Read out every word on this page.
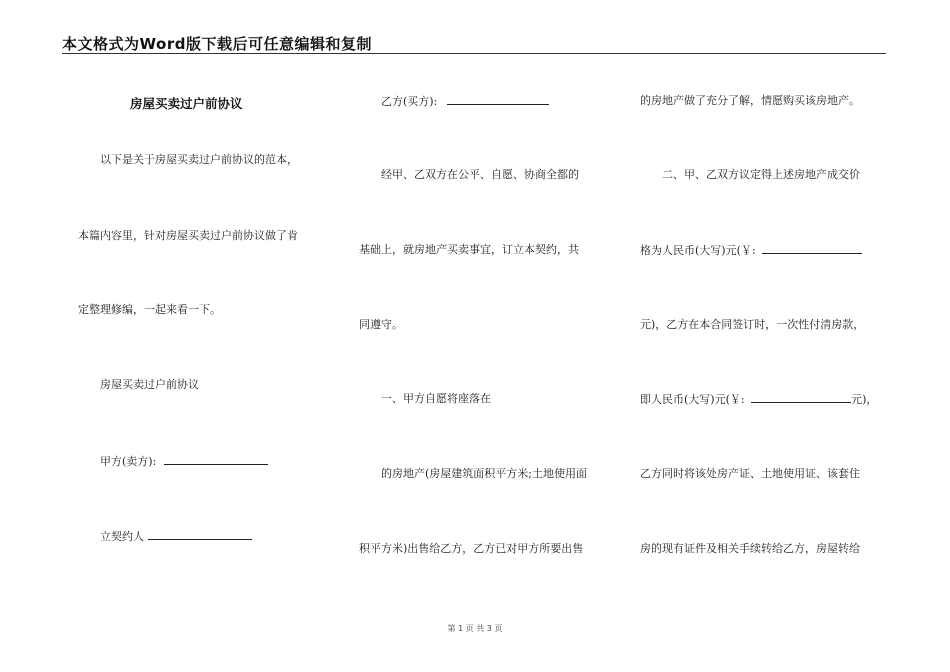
本文格式为Word版下载后可任意编辑和复制
房屋买卖过户前协议
以下是关于房屋买卖过户前协议的范本，
本篇内容里，针对房屋买卖过户前协议做了肯
定整理修编，一起来看一下。
房屋买卖过户前协议
甲方(卖方):
立契约人
乙方(买方):
经甲、乙双方在公平、自愿、协商全都的
基础上，就房地产买卖事宜，订立本契约，共
同遵守。
一、甲方自愿将座落在
的房地产(房屋建筑面积平方米;土地使用面
积平方米)出售给乙方，乙方已对甲方所要出售
的房地产做了充分了解，情愿购买该房地产。
二、甲、乙双方议定得上述房地产成交价
格为人民币(大写)元(￥:
元)，乙方在本合同签订时，一次性付清房款，
即人民币(大写)元(￥:	元)，
乙方同时将该处房产证、土地使用证、该套住
房的现有证件及相关手续转给乙方，房屋转给
第 1 页 共 3 页
